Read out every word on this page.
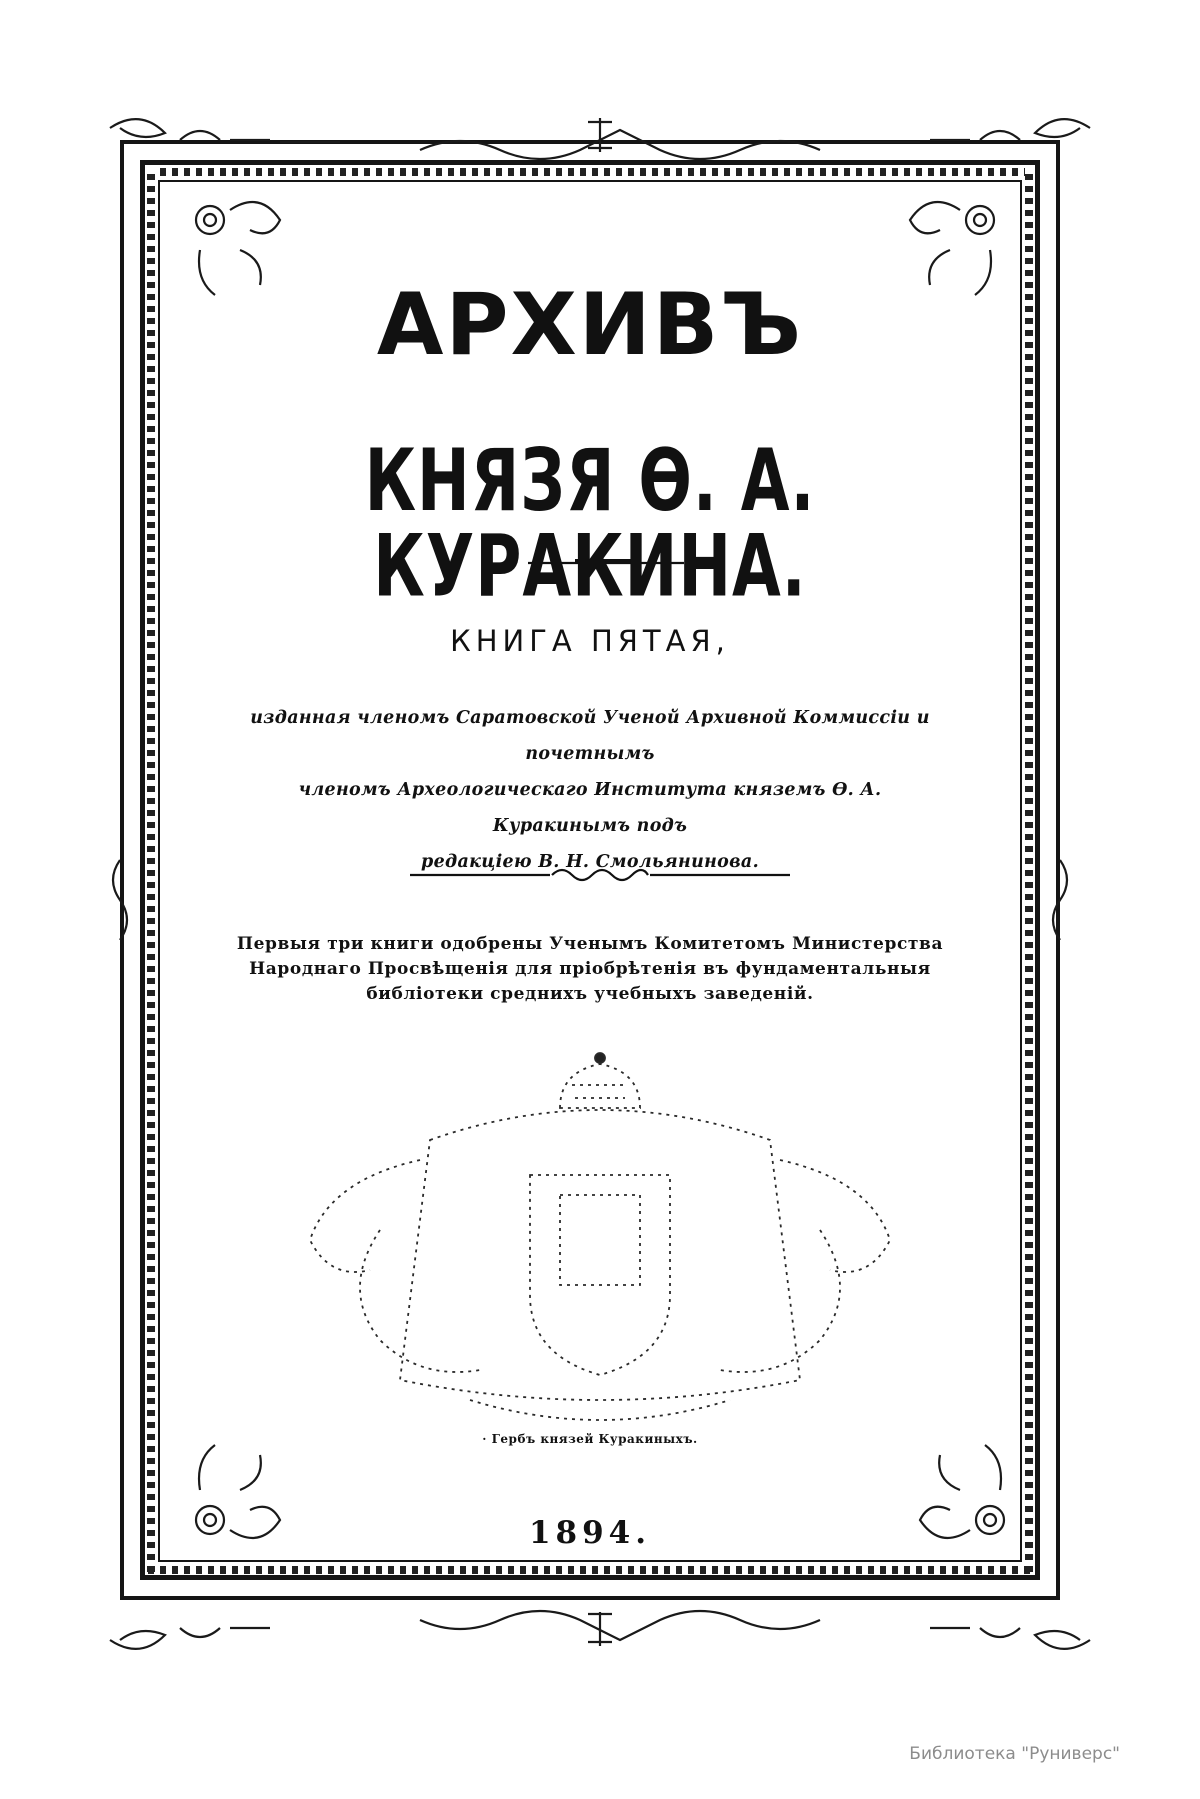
АРХИВЪ
КНЯЗЯ Ѳ. А. КУРАКИНА.

КНИГА ПЯТАЯ,

изданная членомъ Саратовской Ученой Архивной Коммиссіи и почетнымъ
членомъ Археологическаго Института княземъ Ѳ. А. Куракинымъ подъ
редакціею В. Н. Смольянинова.
Первыя три книги одобрены Ученымъ Комитетомъ Министерства
Народнаго Просвѣщенія для пріобрѣтенія въ фундаментальныя
библіотеки среднихъ учебныхъ заведеній.

· Гербъ князей Куракиныхъ.

1894.

Библиотека "Руниверс"
